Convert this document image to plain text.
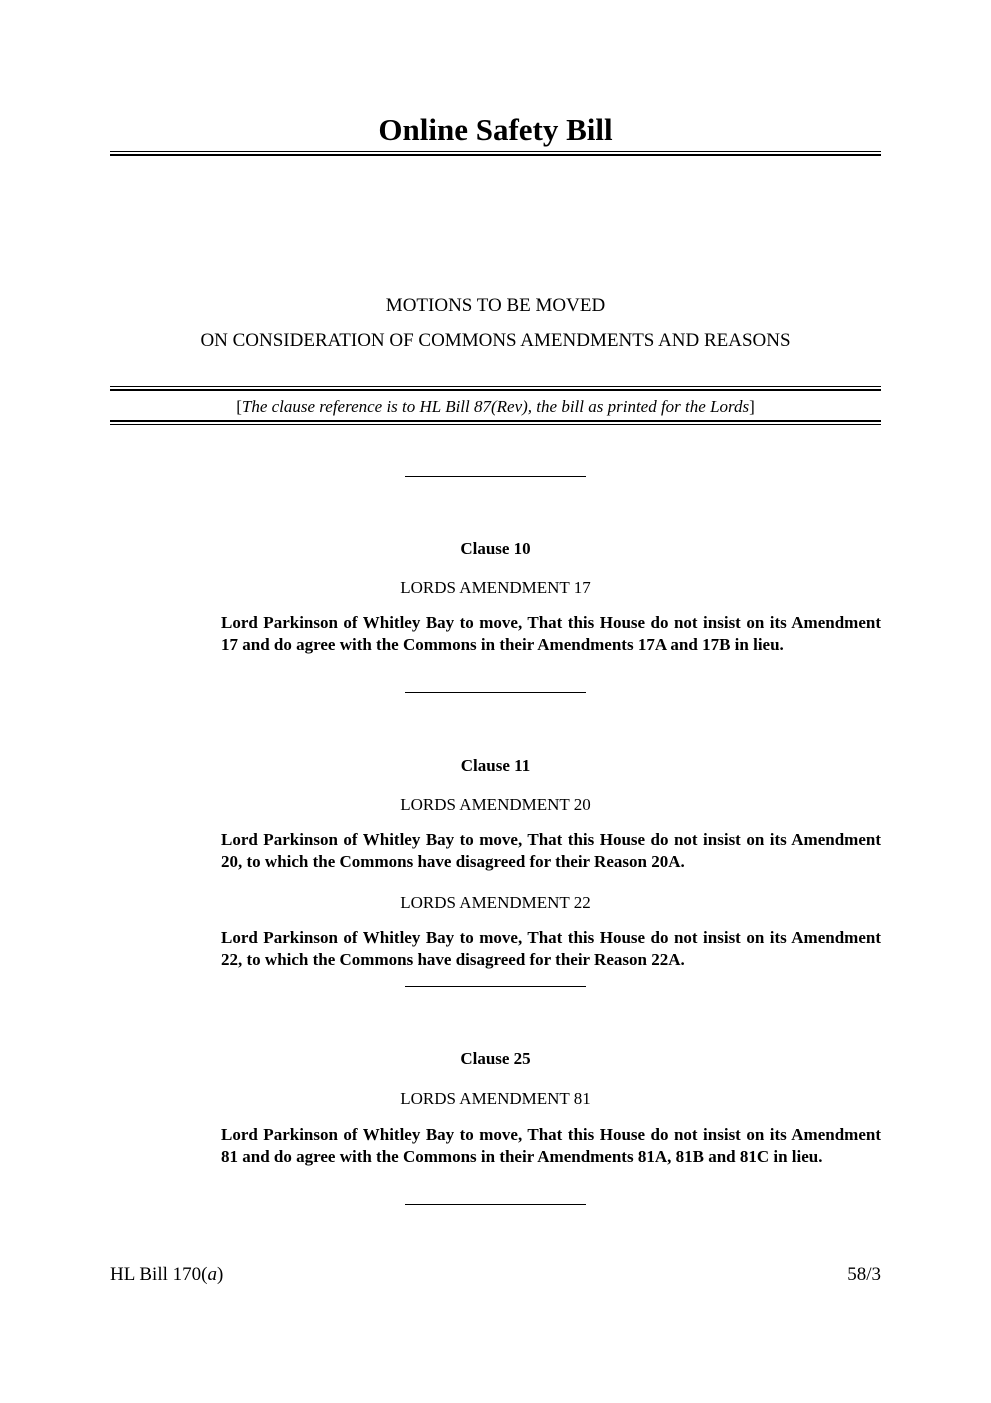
Online Safety Bill
MOTIONS TO BE MOVED
ON CONSIDERATION OF COMMONS AMENDMENTS AND REASONS
[The clause reference is to HL Bill 87(Rev), the bill as printed for the Lords]
Clause 10
LORDS AMENDMENT 17
Lord Parkinson of Whitley Bay to move, That this House do not insist on its Amendment 17 and do agree with the Commons in their Amendments 17A and 17B in lieu.
Clause 11
LORDS AMENDMENT 20
Lord Parkinson of Whitley Bay to move, That this House do not insist on its Amendment 20, to which the Commons have disagreed for their Reason 20A.
LORDS AMENDMENT 22
Lord Parkinson of Whitley Bay to move, That this House do not insist on its Amendment 22, to which the Commons have disagreed for their Reason 22A.
Clause 25
LORDS AMENDMENT 81
Lord Parkinson of Whitley Bay to move, That this House do not insist on its Amendment 81 and do agree with the Commons in their Amendments 81A, 81B and 81C in lieu.
HL Bill 170(a)	58/3
